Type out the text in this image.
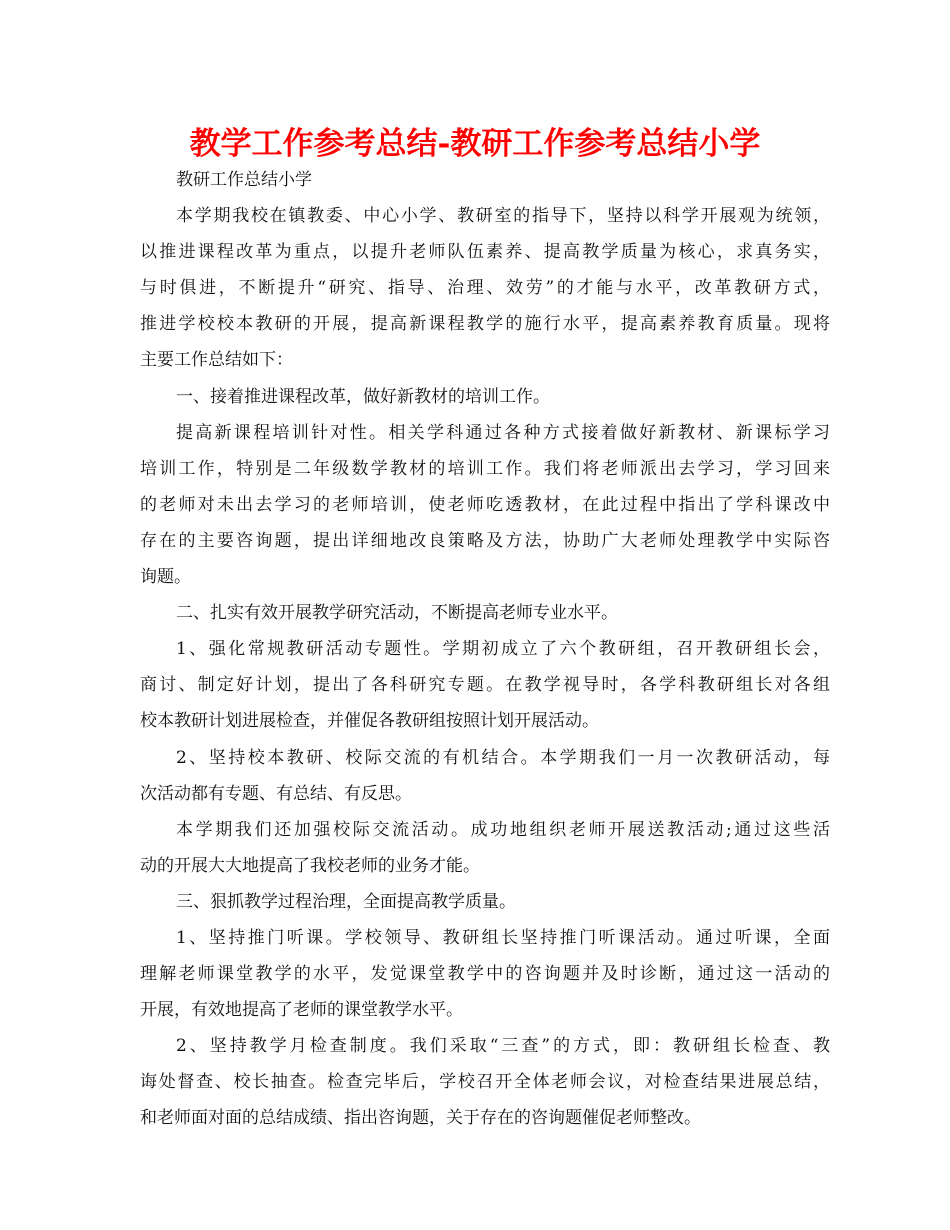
教学工作参考总结-教研工作参考总结小学
教研工作总结小学
本学期我校在镇教委、中心小学、教研室的指导下，坚持以科学开展观为统领，
以推进课程改革为重点，以提升老师队伍素养、提高教学质量为核心，求真务实，
与时俱进，不断提升“研究、指导、治理、效劳”的才能与水平，改革教研方式，
推进学校校本教研的开展，提高新课程教学的施行水平，提高素养教育质量。现将
主要工作总结如下：
一、接着推进课程改革，做好新教材的培训工作。
提高新课程培训针对性。相关学科通过各种方式接着做好新教材、新课标学习
培训工作，特别是二年级数学教材的培训工作。我们将老师派出去学习，学习回来
的老师对未出去学习的老师培训，使老师吃透教材，在此过程中指出了学科课改中
存在的主要咨询题，提出详细地改良策略及方法，协助广大老师处理教学中实际咨
询题。
二、扎实有效开展教学研究活动，不断提高老师专业水平。
1、强化常规教研活动专题性。学期初成立了六个教研组，召开教研组长会，
商讨、制定好计划，提出了各科研究专题。在教学视导时，各学科教研组长对各组
校本教研计划进展检查，并催促各教研组按照计划开展活动。
2、坚持校本教研、校际交流的有机结合。本学期我们一月一次教研活动，每
次活动都有专题、有总结、有反思。
本学期我们还加强校际交流活动。成功地组织老师开展送教活动;通过这些活
动的开展大大地提高了我校老师的业务才能。
三、狠抓教学过程治理，全面提高教学质量。
1、坚持推门听课。学校领导、教研组长坚持推门听课活动。通过听课，全面
理解老师课堂教学的水平，发觉课堂教学中的咨询题并及时诊断，通过这一活动的
开展，有效地提高了老师的课堂教学水平。
2、坚持教学月检查制度。我们采取“三查”的方式，即：教研组长检查、教
诲处督查、校长抽查。检查完毕后，学校召开全体老师会议，对检查结果进展总结，
和老师面对面的总结成绩、指出咨询题，关于存在的咨询题催促老师整改。
